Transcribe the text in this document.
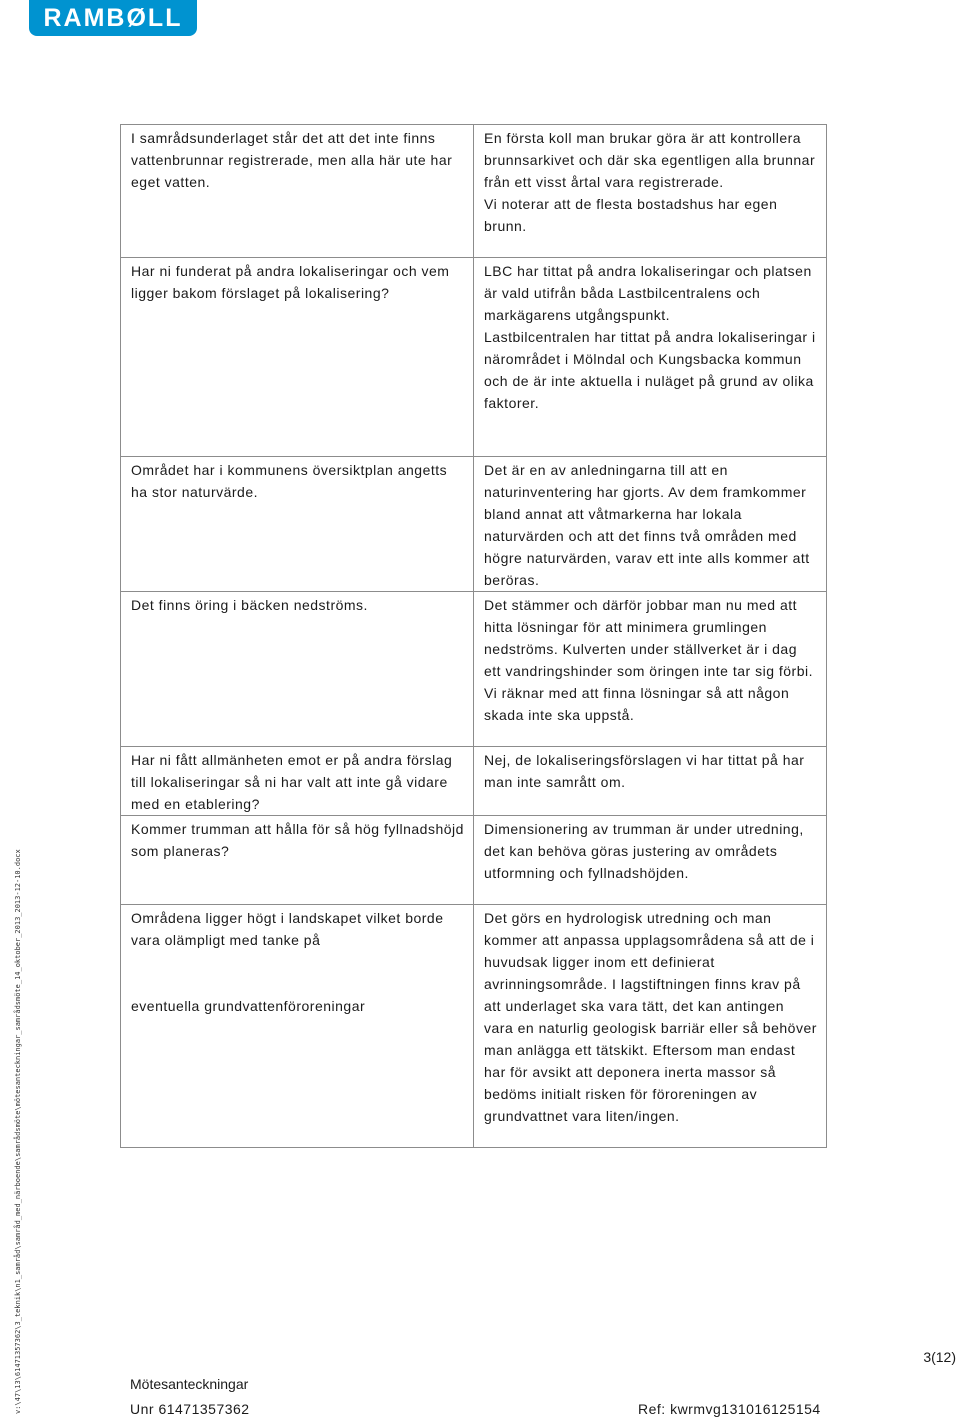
RAMBØLL
v:\47\13\61471357362\3_teknik\n1_samråd\samråd_med_närboende\samrådsmöte\mötesanteckningar_samrådsmöte_14_oktober_2013_2013-12-10.docx
I samrådsunderlaget står det att det inte finns vattenbrunnar registrerade, men alla här ute har eget vatten.	En första koll man brukar göra är att kontrollera brunnsarkivet och där ska egentligen alla brunnar från ett visst årtal vara registrerade.
Vi noterar att de flesta bostadshus har egen brunn.
Har ni funderat på andra lokaliseringar och vem ligger bakom förslaget på lokalisering?	LBC har tittat på andra lokaliseringar och platsen är vald utifrån båda Lastbilcentralens och markägarens utgångspunkt.
Lastbilcentralen har tittat på andra lokaliseringar i närområdet i Mölndal och Kungsbacka kommun och de är inte aktuella i nuläget på grund av olika faktorer.
Området har i kommunens översiktplan angetts ha stor naturvärde.	Det är en av anledningarna till att en naturinventering har gjorts. Av dem framkommer bland annat att våtmarkerna har lokala naturvärden och att det finns två områden med högre naturvärden, varav ett inte alls kommer att beröras.
Det finns öring i bäcken nedströms.	Det stämmer och därför jobbar man nu med att hitta lösningar för att minimera grumlingen nedströms. Kulverten under ställverket är i dag ett vandringshinder som öringen inte tar sig förbi. Vi räknar med att finna lösningar så att någon skada inte ska uppstå.
Har ni fått allmänheten emot er på andra förslag till lokaliseringar så ni har valt att inte gå vidare med en etablering?	Nej, de lokaliseringsförslagen vi har tittat på har man inte samrått om.
Kommer trumman att hålla för så hög fyllnadshöjd som planeras?	Dimensionering av trumman är under utredning, det kan behöva göras justering av områdets utformning och fyllnadshöjden.
Områdena ligger högt i landskapet vilket borde vara olämpligt med tanke på

eventuella grundvattenföroreningar	Det görs en hydrologisk utredning och man kommer att anpassa upplagsområdena så att de i huvudsak ligger inom ett definierat avrinningsområde. I lagstiftningen finns krav på att underlaget ska vara tätt, det kan antingen vara en naturlig geologisk barriär eller så behöver man anlägga ett tätskikt. Eftersom man endast har för avsikt att deponera inerta massor så bedöms initialt risken för föroreningen av grundvattnet vara liten/ingen.
3(12)
Mötesanteckningar
Unr 61471357362	Ref: kwrmvg131016125154
